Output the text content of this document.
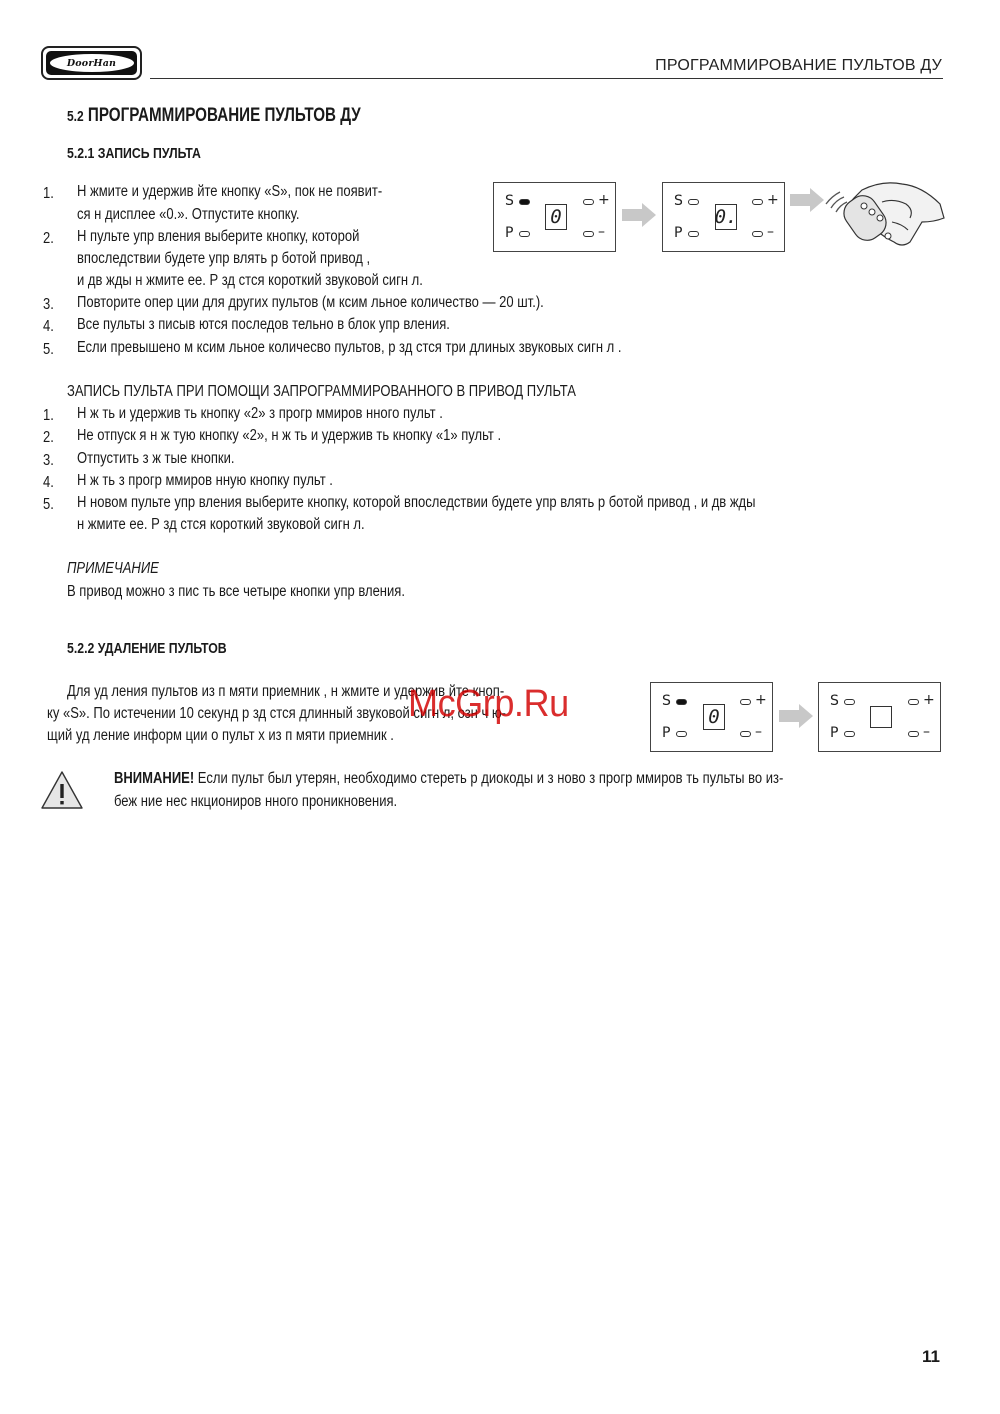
DoorHan	ПРОГРАММИРОВАНИЕ ПУЛЬТОВ ДУ
5.2 ПРОГРАММИРОВАНИЕ ПУЛЬТОВ ДУ
5.2.1 ЗАПИСЬ ПУЛЬТА
1. Н жмите и удержив йте кнопку «S», пок не появит-
ся н дисплее «0.». Отпустите кнопку.
2. Н пульте упр вления выберите кнопку, которой
впоследствии будете упр влять р ботой привод ,
и дв жды н жмите ее. Р зд стся короткий звуковой сигн л.
3. Повторите опер ции для других пультов (м ксим льное количество — 20 шт.).
4. Все пульты з писыв ются последов тельно в блок упр вления.
5. Если превышено м ксим льное количесво пультов, р зд стся три длиных звуковых сигн л .
S
P
0
+
–
S
P
0.
+
–
ЗАПИСЬ ПУЛЬТА ПРИ ПОМОЩИ ЗАПРОГРАММИРОВАННОГО В ПРИВОД ПУЛЬТА
1. Н ж ть и удержив ть кнопку «2» з прогр ммиров нного пульт .
2. Не отпуск я н ж тую кнопку «2», н ж ть и удержив ть кнопку «1» пульт .
3. Отпустить з ж тые кнопки.
4. Н ж ть з прогр ммиров нную кнопку пульт .
5. Н новом пульте упр вления выберите кнопку, которой впоследствии будете упр влять р ботой привод , и дв жды
н жмите ее. Р зд стся короткий звуковой сигн л.
ПРИМЕЧАНИЕ
В привод можно з пис ть все четыре кнопки упр вления.
5.2.2 УДАЛЕНИЕ ПУЛЬТОВ
Для уд ления пультов из п мяти приемник , н жмите и удержив йте кноп-
ку «S». По истечении 10 секунд р зд стся длинный звуковой сигн л, озн ч ю-
щий уд ление информ ции о пульт х из п мяти приемник .
S
P
0
+
–
S
P
+
–
McGrp.Ru
ВНИМАНИЕ! Если пульт был утерян, необходимо стереть р диокоды и з ново з прогр ммиров ть пульты во из-
беж ние нес нкциониров нного проникновения.
11
